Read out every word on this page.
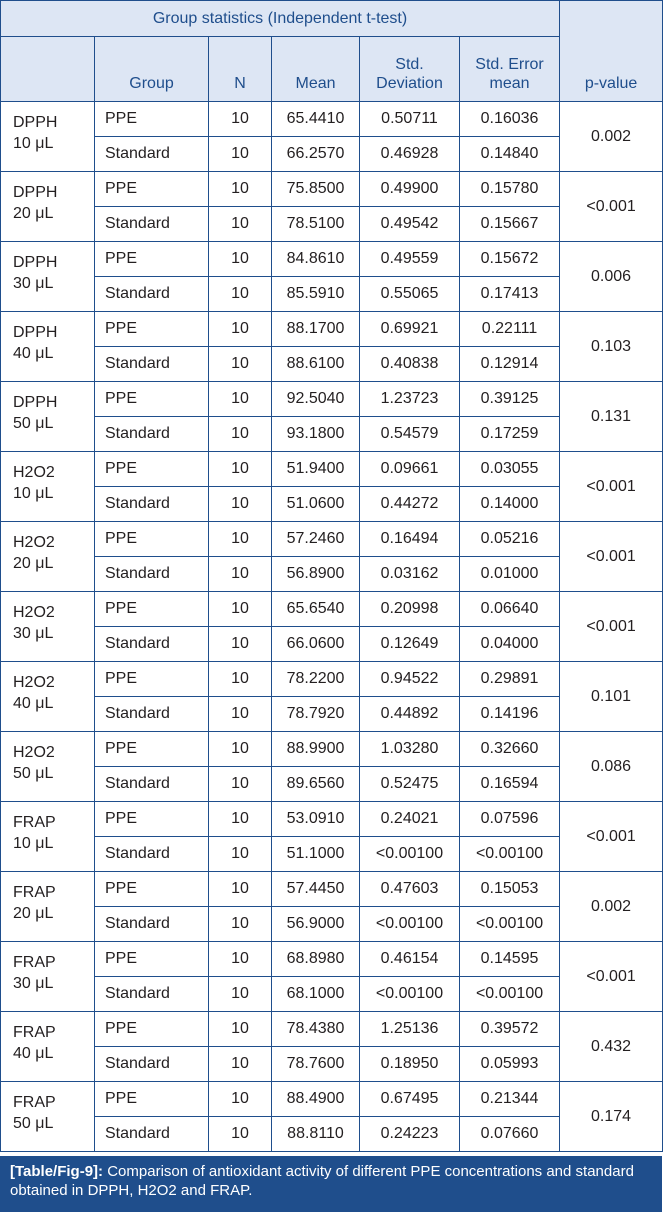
Group statistics (Independent t-test)						p-value
	Group	N	Mean	Std.
Deviation	Std. Error
mean	
DPPH
10 μL	PPE	10	65.4410	0.50711	0.16036	0.002
	Standard	10	66.2570	0.46928	0.14840	
DPPH
20 μL	PPE	10	75.8500	0.49900	0.15780	<0.001
	Standard	10	78.5100	0.49542	0.15667	
DPPH
30 μL	PPE	10	84.8610	0.49559	0.15672	0.006
	Standard	10	85.5910	0.55065	0.17413	
DPPH
40 μL	PPE	10	88.1700	0.69921	0.22111	0.103
	Standard	10	88.6100	0.40838	0.12914	
DPPH
50 μL	PPE	10	92.5040	1.23723	0.39125	0.131
	Standard	10	93.1800	0.54579	0.17259	
H2O2
10 μL	PPE	10	51.9400	0.09661	0.03055	<0.001
	Standard	10	51.0600	0.44272	0.14000	
H2O2
20 μL	PPE	10	57.2460	0.16494	0.05216	<0.001
	Standard	10	56.8900	0.03162	0.01000	
H2O2
30 μL	PPE	10	65.6540	0.20998	0.06640	<0.001
	Standard	10	66.0600	0.12649	0.04000	
H2O2
40 μL	PPE	10	78.2200	0.94522	0.29891	0.101
	Standard	10	78.7920	0.44892	0.14196	
H2O2
50 μL	PPE	10	88.9900	1.03280	0.32660	0.086
	Standard	10	89.6560	0.52475	0.16594	
FRAP
10 μL	PPE	10	53.0910	0.24021	0.07596	<0.001
	Standard	10	51.1000	<0.00100	<0.00100	
FRAP
20 μL	PPE	10	57.4450	0.47603	0.15053	0.002
	Standard	10	56.9000	<0.00100	<0.00100	
FRAP
30 μL	PPE	10	68.8980	0.46154	0.14595	<0.001
	Standard	10	68.1000	<0.00100	<0.00100	
FRAP
40 μL	PPE	10	78.4380	1.25136	0.39572	0.432
	Standard	10	78.7600	0.18950	0.05993	
FRAP
50 μL	PPE	10	88.4900	0.67495	0.21344	0.174
	Standard	10	88.8110	0.24223	0.07660	
[Table/Fig-9]: Comparison of antioxidant activity of different PPE concentrations and standard obtained in DPPH, H2O2 and FRAP.
